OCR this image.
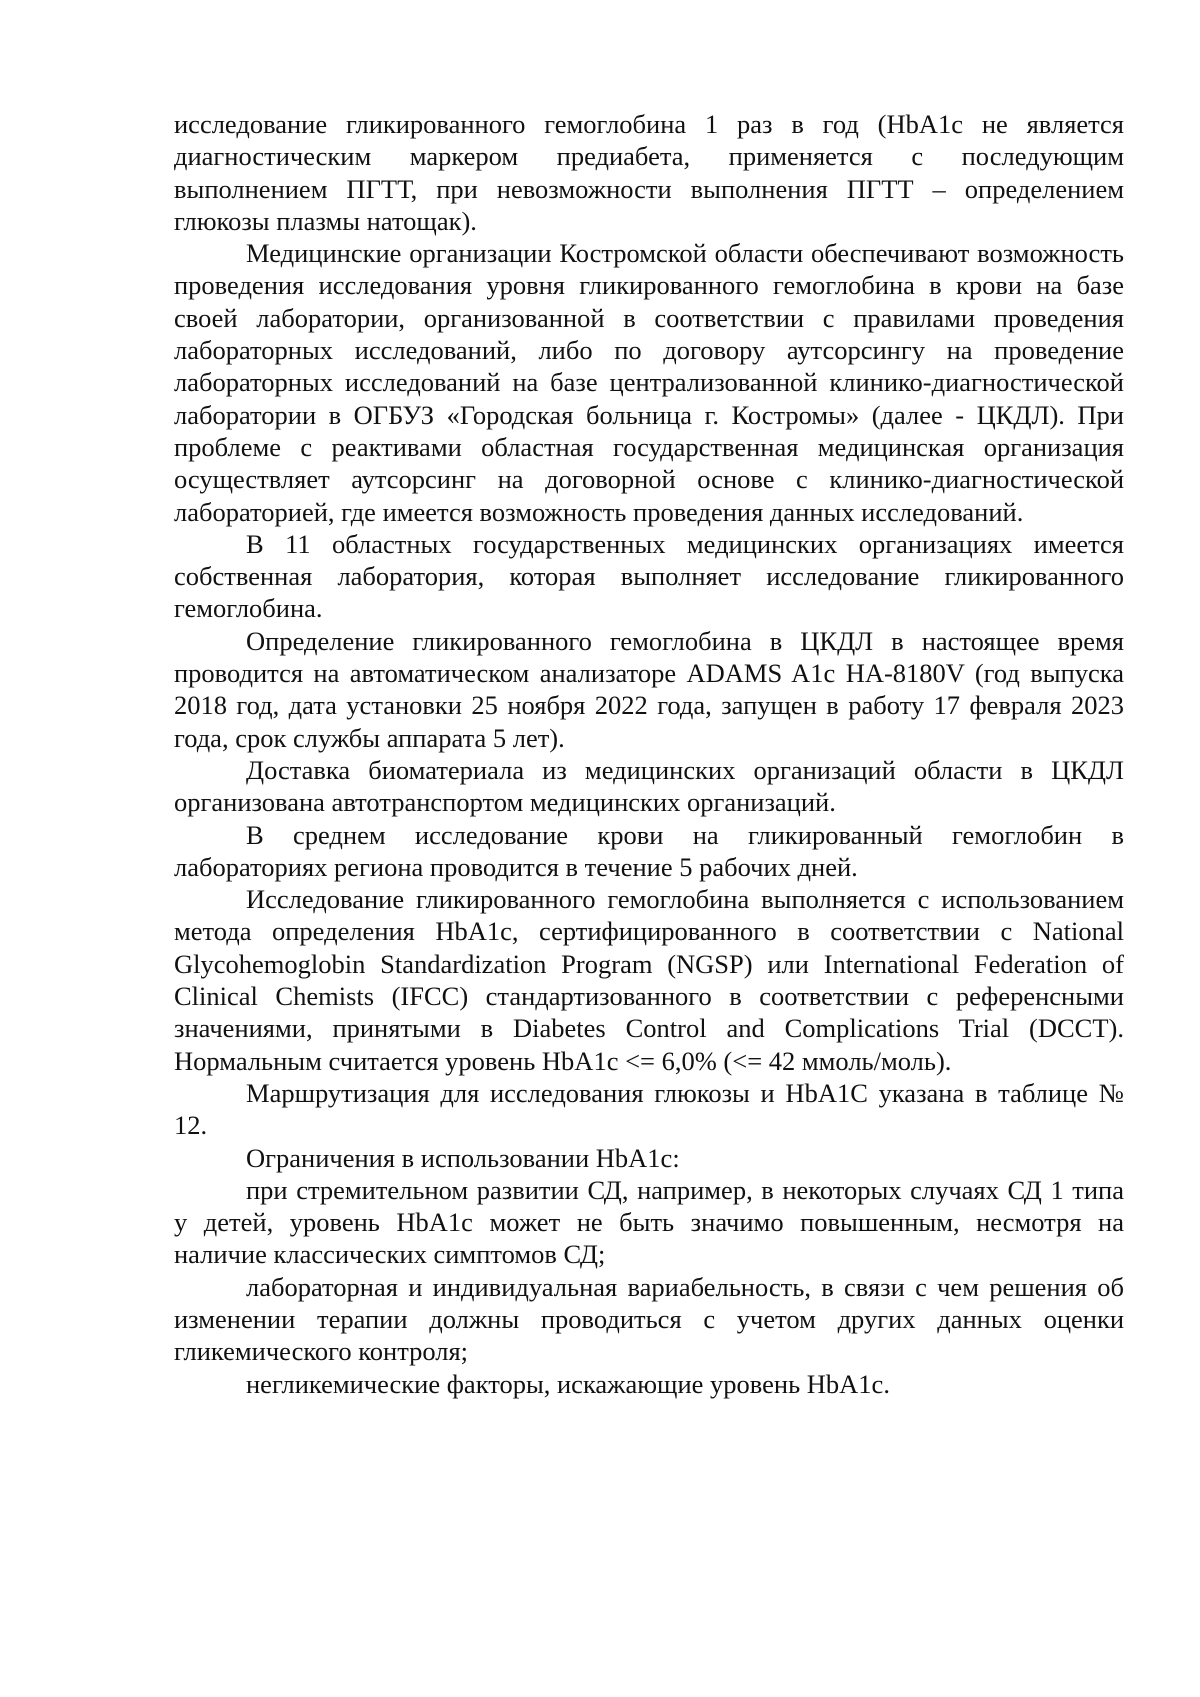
исследование гликированного гемоглобина 1 раз в год (HbA1c не является диагностическим маркером предиабета, применяется с последующим выполнением ПГТТ, при невозможности выполнения ПГТТ – определением глюкозы плазмы натощак).

Медицинские организации Костромской области обеспечивают возможность проведения исследования уровня гликированного гемоглобина в крови на базе своей лаборатории, организованной в соответствии с правилами проведения лабораторных исследований, либо по договору аутсорсингу на проведение лабораторных исследований на базе централизованной клинико-диагностической лаборатории в ОГБУЗ «Городская больница г. Костромы» (далее - ЦКДЛ). При проблеме с реактивами областная государственная медицинская организация осуществляет аутсорсинг на договорной основе с клинико-диагностической лабораторией, где имеется возможность проведения данных исследований.

В 11 областных государственных медицинских организациях имеется собственная лаборатория, которая выполняет исследование гликированного гемоглобина.

Определение гликированного гемоглобина в ЦКДЛ в настоящее время проводится на автоматическом анализаторе ADAMS A1c HA-8180V (год выпуска 2018 год, дата установки 25 ноября 2022 года, запущен в работу 17 февраля 2023 года, срок службы аппарата 5 лет).

Доставка биоматериала из медицинских организаций области в ЦКДЛ организована автотранспортом медицинских организаций.

В среднем исследование крови на гликированный гемоглобин в лабораториях региона проводится в течение 5 рабочих дней.

Исследование гликированного гемоглобина выполняется с использованием метода определения HbA1c, сертифицированного в соответствии с National Glycohemoglobin Standardization Program (NGSP) или International Federation of Clinical Chemists (IFCC) стандартизованного в соответствии с референсными значениями, принятыми в Diabetes Control and Complications Trial (DCCT). Нормальным считается уровень HbA1c <= 6,0% (<= 42 ммоль/моль).

Маршрутизация для исследования глюкозы и HbA1C указана в таблице № 12.

Ограничения в использовании HbA1c:

при стремительном развитии СД, например, в некоторых случаях СД 1 типа у детей, уровень HbA1c может не быть значимо повышенным, несмотря на наличие классических симптомов СД;

лабораторная и индивидуальная вариабельность, в связи с чем решения об изменении терапии должны проводиться с учетом других данных оценки гликемического контроля;

негликемические факторы, искажающие уровень HbA1c.
